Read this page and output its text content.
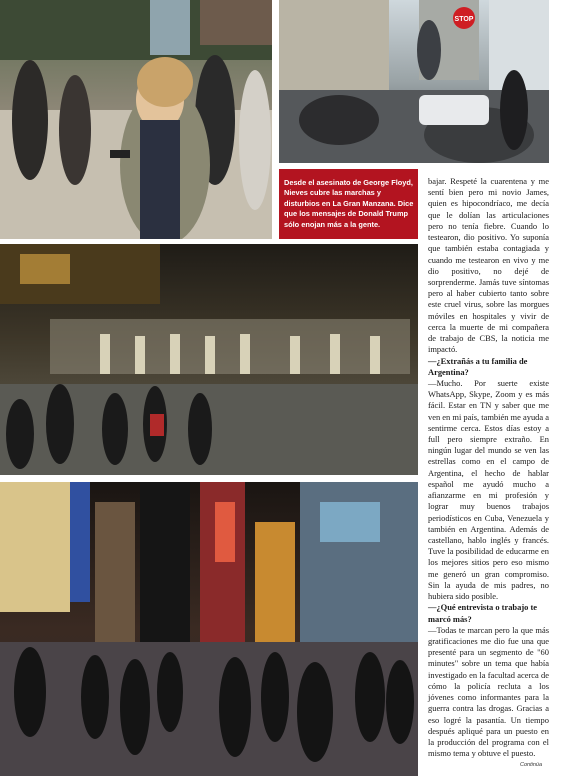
STOP
Desde el asesinato de George Floyd, Nieves cubre las marchas y disturbios en La Gran Manzana. Dice que los mensajes de Donald Trump sólo enojan más a la gente.

bajar. Respeté la cuarentena y me sentí bien pero mi novio James, quien es hipocondríaco, me decía que le dolían las articulaciones pero no tenía fiebre. Cuando lo testearon, dio positivo. Yo suponía que también estaba contagiada y cuando me testearon en vivo y me dio positivo, no dejé de sorprenderme. Jamás tuve síntomas pero al haber cubierto tanto sobre este cruel virus, sobre las morgues móviles en hospitales y vivir de cerca la muerte de mi compañera de trabajo de CBS, la noticia me impactó.

—¿Extrañás a tu familia de Argentina?

—Mucho. Por suerte existe WhatsApp, Skype, Zoom y es más fácil. Estar en TN y saber que me ven en mi país, también me ayuda a sentirme cerca. Estos días estoy a full pero siempre extraño. En ningún lugar del mundo se ven las estrellas como en el campo de Argentina, el hecho de hablar español me ayudó mucho a afianzarme en mi profesión y lograr muy buenos trabajos periodísticos en Cuba, Venezuela y también en Argentina. Además de castellano, hablo inglés y francés. Tuve la posibilidad de educarme en los mejores sitios pero eso mismo me generó un gran compromiso. Sin la ayuda de mis padres, no hubiera sido posible.

—¿Qué entrevista o trabajo te marcó más?

—Todas te marcan pero la que más gratificaciones me dio fue una que presenté para un segmento de "60 minutes" sobre un tema que había investigado en la facultad acerca de cómo la policía recluta a los jóvenes como informantes para la guerra contra las drogas. Gracias a eso logré la pasantía. Un tiempo después apliqué para un puesto en la producción del programa con el mismo tema y obtuve el puesto.

Continúa
